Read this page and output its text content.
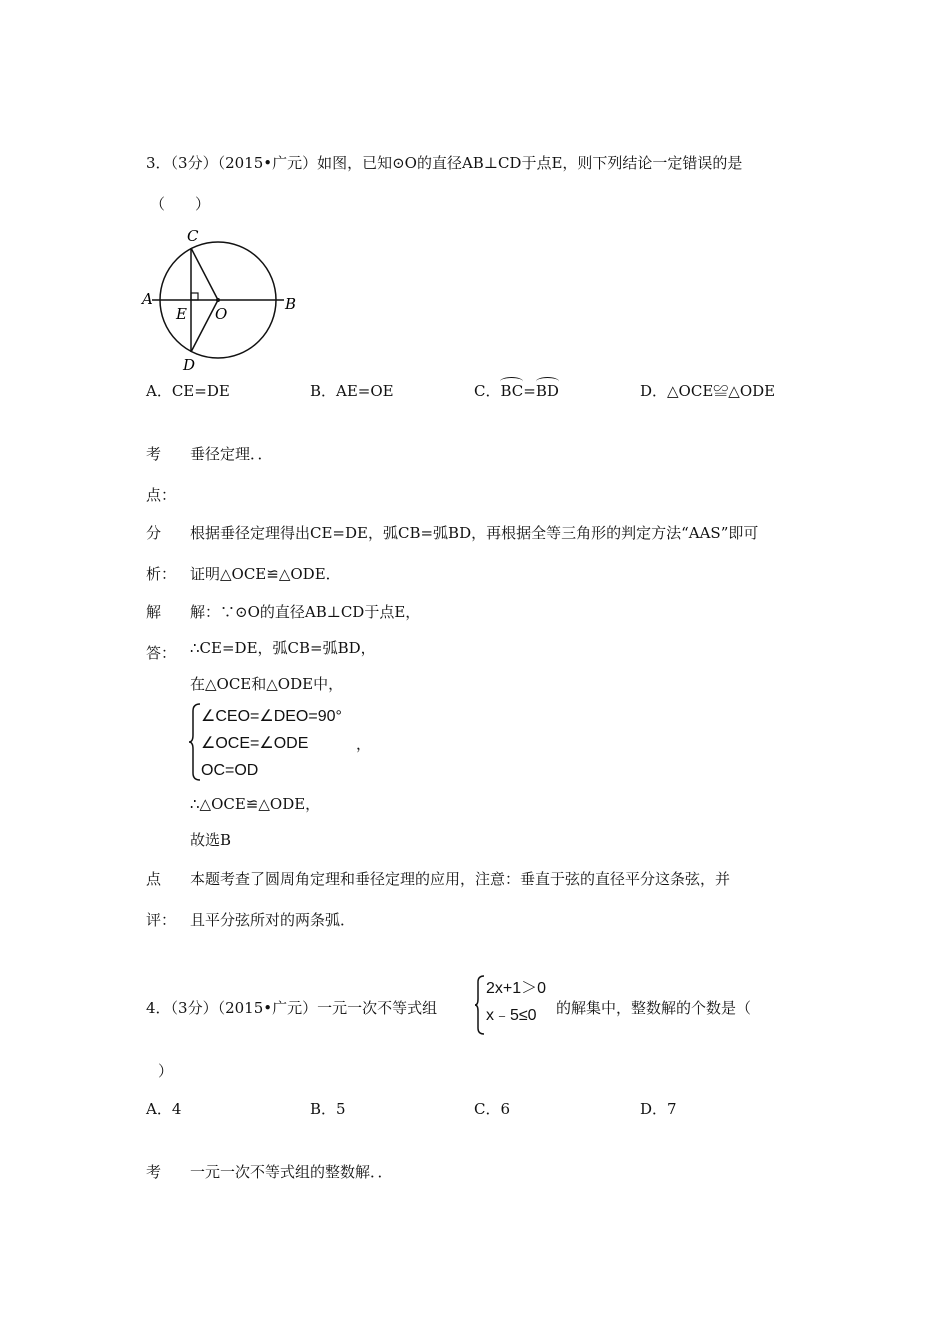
3．（3分）（2015•广元）如图，已知⊙O的直径AB⊥CD于点E，则下列结论一定错误的是
（　　）
C
A	B
E O
D
A．CE=DE	B．AE=OE	C．BC=BD	D．△OCE≌△ODE
考 垂径定理．．
点：
分 根据垂径定理得出CE=DE，弧CB=弧BD，再根据全等三角形的判定方法“AAS”即可
析： 证明△OCE≌△ODE．
解 解：∵⊙O的直径AB⊥CD于点E，
答： ∴CE=DE，弧CB=弧BD，
在△OCE和△ODE中，
∠CEO=∠DEO=90°
∠OCE=∠ODE
OC=OD
，
∴△OCE≌△ODE，
故选B
点 本题考查了圆周角定理和垂径定理的应用，注意：垂直于弦的直径平分这条弦，并
评： 且平分弦所对的两条弧．
4．（3分）（2015•广元）一元一次不等式组
2x+1＞0
x﹣5≤0	的解集中，整数解的个数是（
）
A．4	B．5	C．6	D．7
考 一元一次不等式组的整数解．．
